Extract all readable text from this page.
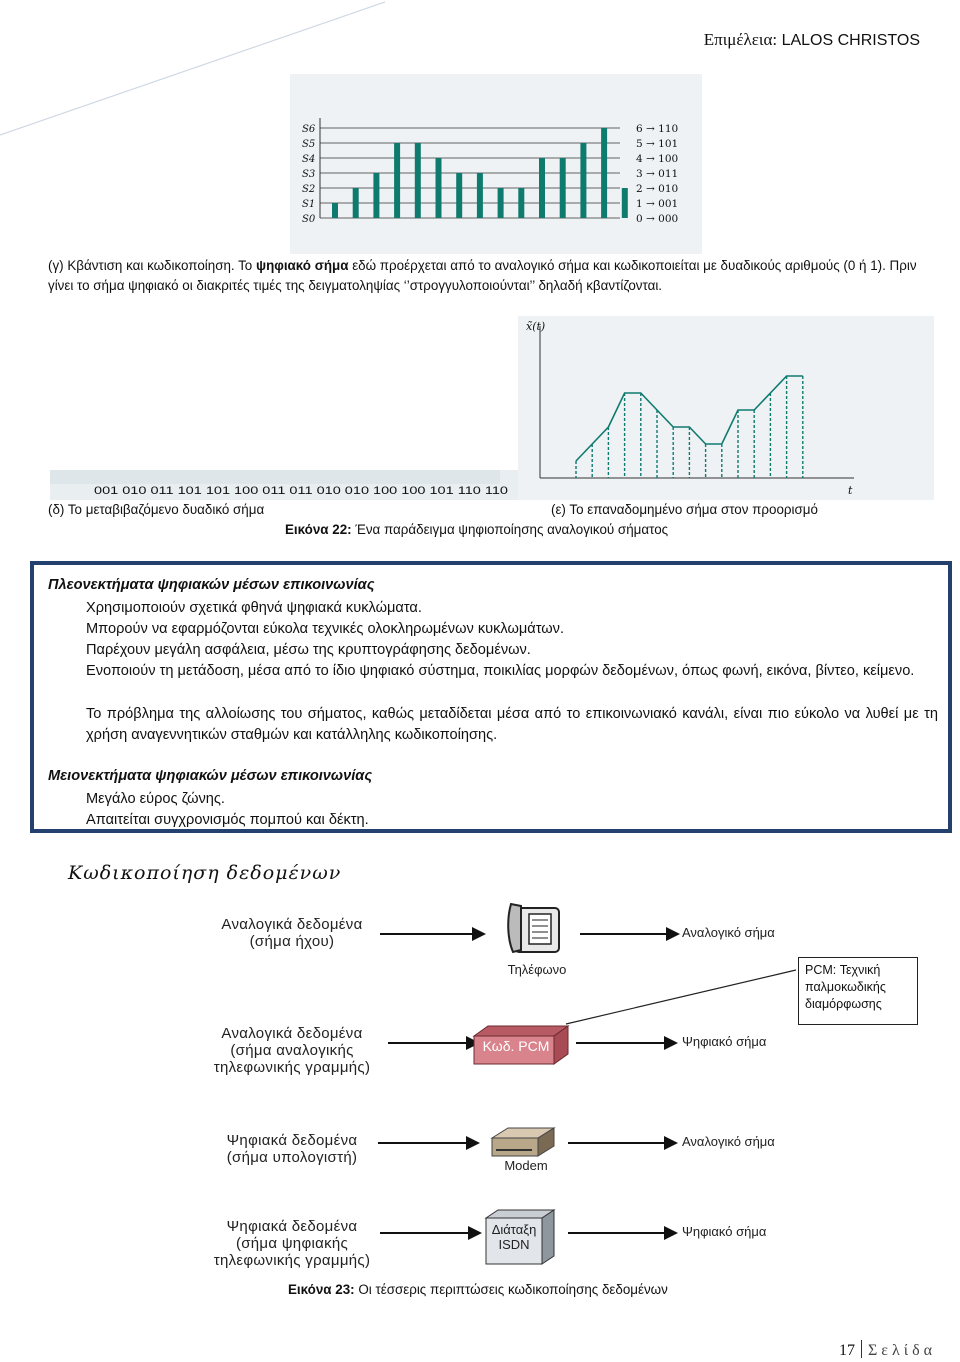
Επιμέλεια: LALOS CHRISTOS
S6
S5
S4
S3
S2
S1
S0
6 → 110
5 → 101
4 → 100
3 → 011
2 → 010
1 → 001
0 → 000
(γ) Κβάντιση και κωδικοποίηση. Το ψηφιακό σήμα εδώ προέρχεται από το αναλογικό σήμα και κωδικοποιείται με δυαδικούς αριθμούς (0 ή 1). Πριν γίνει το σήμα ψηφιακό οι διακριτές τιμές της δειγματοληψίας ‘’στρογγυλοποιούνται’’ δηλαδή κβαντίζονται.
001 010 011 101 101 100 011 011 010 010 100 100 101 110 110
x̃(t)
t
(δ) Το μεταβιβαζόμενο δυαδικό σήμα	(ε) Το επαναδομημένο σήμα στον προορισμό
Εικόνα 22: Ένα παράδειγμα ψηφιοποίησης αναλογικού σήματος
Πλεονεκτήματα ψηφιακών μέσων επικοινωνίας
Χρησιμοποιούν σχετικά φθηνά ψηφιακά κυκλώματα.
Μπορούν να εφαρμόζονται εύκολα τεχνικές ολοκληρωμένων κυκλωμάτων.
Παρέχουν μεγάλη ασφάλεια, μέσω της κρυπτογράφησης δεδομένων.
Ενοποιούν τη μετάδοση, μέσα από το ίδιο ψηφιακό σύστημα, ποικιλίας μορφών δεδομένων, όπως φωνή, εικόνα, βίντεο, κείμενο.
Το πρόβλημα της αλλοίωσης του σήματος, καθώς μεταδίδεται μέσα από το επικοινωνιακό κανάλι, είναι πιο εύκολο να λυθεί με τη χρήση αναγεννητικών σταθμών και κατάλληλης κωδικοποίησης.
Μειονεκτήματα ψηφιακών μέσων επικοινωνίας
Μεγάλο εύρος ζώνης.
Απαιτείται συγχρονισμός πομπού και δέκτη.
Κωδικοποίηση δεδομένων
Αναλογικά δεδομένα
(σήμα ήχου)
Τηλέφωνο
Αναλογικό σήμα
Αναλογικά δεδομένα
(σήμα αναλογικής
τηλεφωνικής γραμμής)
Κωδ. PCM	Ψηφιακό σήμα
Ψηφιακά δεδομένα
(σήμα υπολογιστή)	Modem
Αναλογικό σήμα
Ψηφιακά δεδομένα
(σήμα ψηφιακής
τηλεφωνικής γραμμής)
Διάταξη
ISDN
Ψηφιακό σήμα
PCM: Τεχνική παλμοκωδικής διαμόρφωσης
Εικόνα 23: Οι τέσσερις περιπτώσεις κωδικοποίησης δεδομένων
17 Σελίδα
